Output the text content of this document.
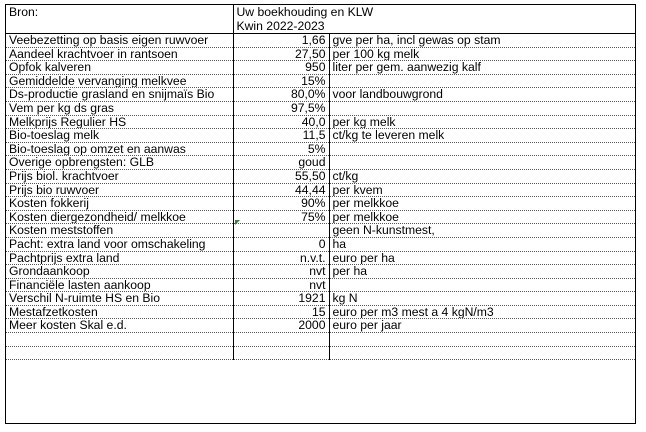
Bron:	Uw boekhouding en KLW
Kwin 2022-2023	

Veebezetting op basis eigen ruwvoer	1,66	gve per ha, incl gewas op stam
Aandeel krachtvoer in rantsoen	27,50	per 100 kg melk
Opfok kalveren	950	liter per gem. aanwezig kalf
Gemiddelde vervanging melkvee	15%	
Ds-productie grasland en snijmaïs Bio	80,0%	voor landbouwgrond
Vem per kg ds gras	97,5%	
Melkprijs Regulier HS	40,0	per kg melk
Bio-toeslag melk	11,5	ct/kg te leveren melk
Bio-toeslag op omzet en aanwas	5%	
Overige opbrengsten: GLB	goud	
Prijs biol. krachtvoer	55,50	ct/kg
Prijs bio ruwvoer	44,44	per kvem
Kosten fokkerij	90%	per melkkoe
Kosten diergezondheid/ melkkoe	75%	per melkkoe
Kosten meststoffen		geen N-kunstmest,
Pacht: extra land voor omschakeling	0	ha
Pachtprijs extra land	n.v.t.	euro per ha
Grondaankoop	nvt	per ha
Financiële lasten aankoop	nvt	
Verschil N-ruimte HS en Bio	1921	kg N
Mestafzetkosten	15	euro per m3 mest a 4 kgN/m3
Meer kosten Skal e.d.	2000	euro per jaar
